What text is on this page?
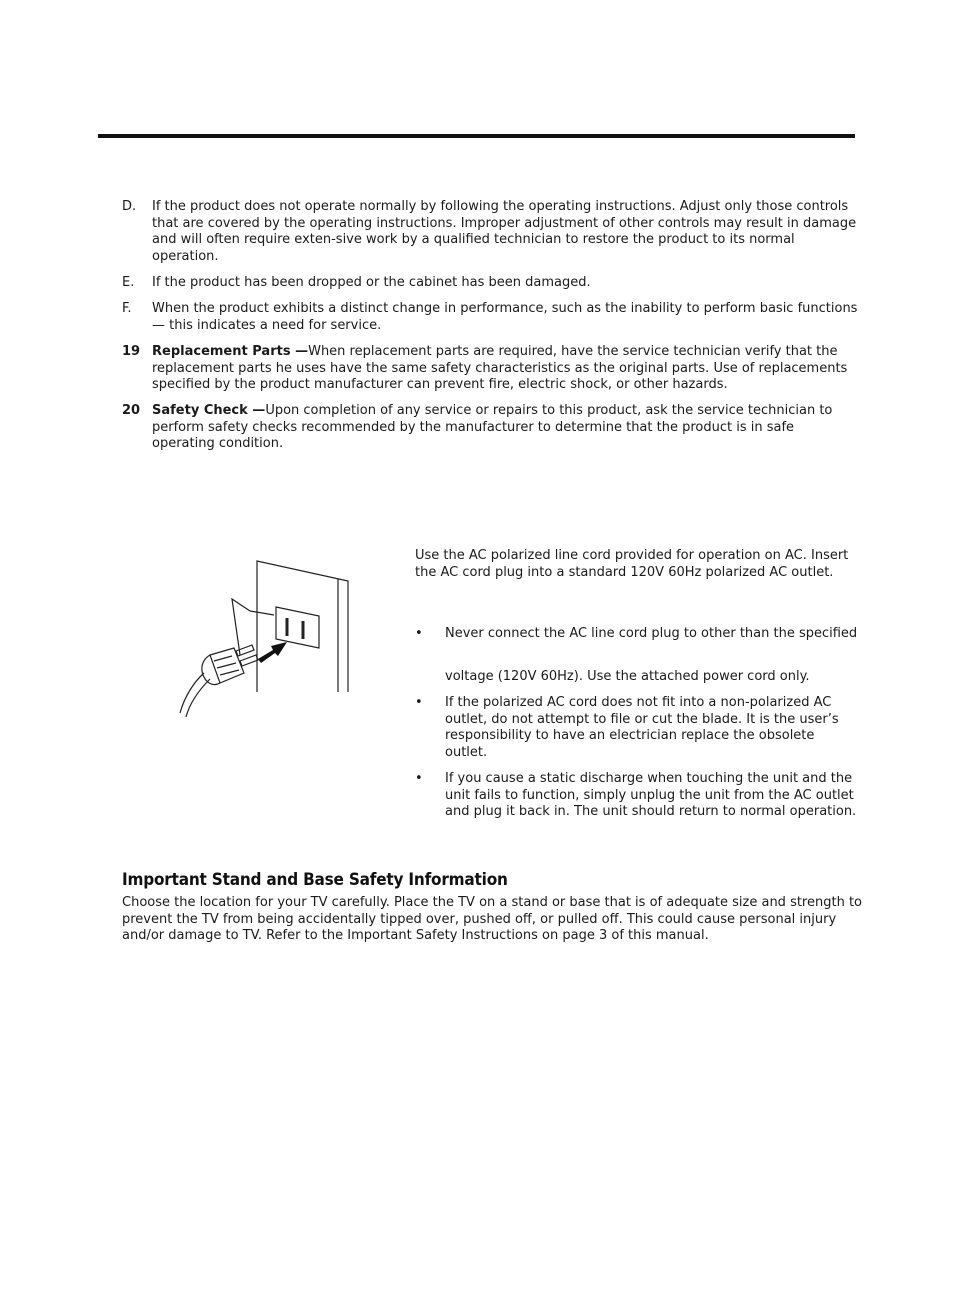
D. If the product does not operate normally by following the operating instructions. Adjust only those controls that are covered by the operating instructions. Improper adjustment of other controls may result in damage and will often require exten-sive work by a qualified technician to restore the product to its normal operation.
E. If the product has been dropped or the cabinet has been damaged.
F. When the product exhibits a distinct change in performance, such as the inability to perform basic functions — this indicates a need for service.
19 Replacement Parts —When replacement parts are required, have the service technician verify that the replacement parts he uses have the same safety characteristics as the original parts. Use of replacements specified by the product manufacturer can prevent fire, electric shock, or other hazards.
20 Safety Check —Upon completion of any service or repairs to this product, ask the service technician to perform safety checks recommended by the manufacturer to determine that the product is in safe operating condition.
Use the AC polarized line cord provided for operation on AC. Insert the AC cord plug into a standard 120V 60Hz polarized AC outlet.
• Never connect the AC line cord plug to other than the specified
voltage (120V 60Hz). Use the attached power cord only.
• If the polarized AC cord does not fit into a non-polarized AC outlet, do not attempt to file or cut the blade. It is the user’s responsibility to have an electrician replace the obsolete outlet.
• If you cause a static discharge when touching the unit and the unit fails to function, simply unplug the unit from the AC outlet and plug it back in. The unit should return to normal operation.
Important Stand and Base Safety Information
Choose the location for your TV carefully. Place the TV on a stand or base that is of adequate size and strength to prevent the TV from being accidentally tipped over, pushed off, or pulled off. This could cause personal injury and/or damage to TV. Refer to the Important Safety Instructions on page 3 of this manual.
